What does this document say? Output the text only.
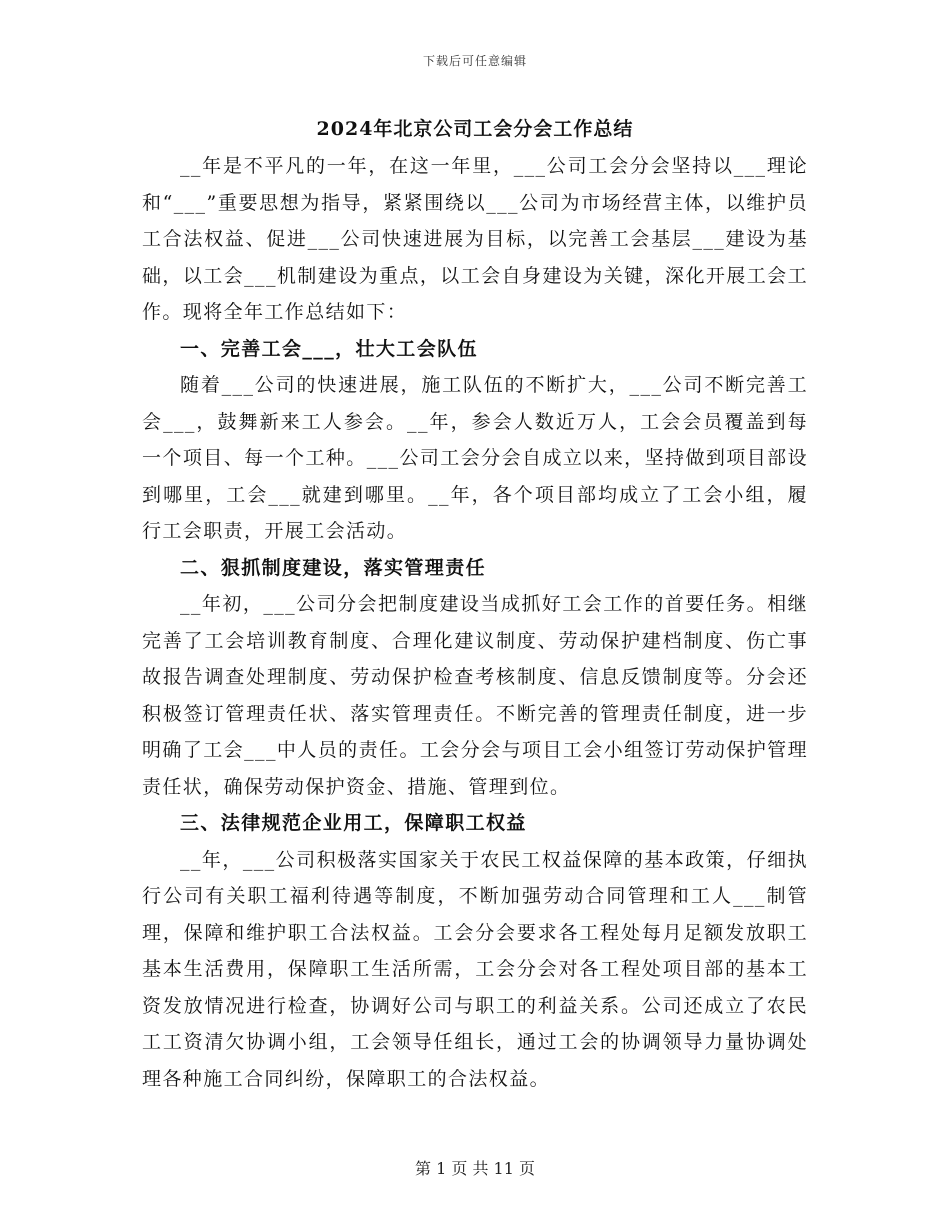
下载后可任意编辑
2024年北京公司工会分会工作总结

__年是不平凡的一年，在这一年里，___公司工会分会坚持以___理论和“___”重要思想为指导，紧紧围绕以___公司为市场经营主体，以维护员工合法权益、促进___公司快速进展为目标，以完善工会基层___建设为基础，以工会___机制建设为重点，以工会自身建设为关键，深化开展工会工作。现将全年工作总结如下：

一、完善工会___，壮大工会队伍

随着___公司的快速进展，施工队伍的不断扩大，___公司不断完善工会___，鼓舞新来工人参会。__年，参会人数近万人，工会会员覆盖到每一个项目、每一个工种。___公司工会分会自成立以来，坚持做到项目部设到哪里，工会___就建到哪里。__年，各个项目部均成立了工会小组，履行工会职责，开展工会活动。

二、狠抓制度建设，落实管理责任

__年初，___公司分会把制度建设当成抓好工会工作的首要任务。相继完善了工会培训教育制度、合理化建议制度、劳动保护建档制度、伤亡事故报告调查处理制度、劳动保护检查考核制度、信息反馈制度等。分会还积极签订管理责任状、落实管理责任。不断完善的管理责任制度，进一步明确了工会___中人员的责任。工会分会与项目工会小组签订劳动保护管理责任状，确保劳动保护资金、措施、管理到位。

三、法律规范企业用工，保障职工权益

__年，___公司积极落实国家关于农民工权益保障的基本政策，仔细执行公司有关职工福利待遇等制度，不断加强劳动合同管理和工人___制管理，保障和维护职工合法权益。工会分会要求各工程处每月足额发放职工基本生活费用，保障职工生活所需，工会分会对各工程处项目部的基本工资发放情况进行检查，协调好公司与职工的利益关系。公司还成立了农民工工资清欠协调小组，工会领导任组长，通过工会的协调领导力量协调处理各种施工合同纠纷，保障职工的合法权益。

第 1 页 共 11 页
